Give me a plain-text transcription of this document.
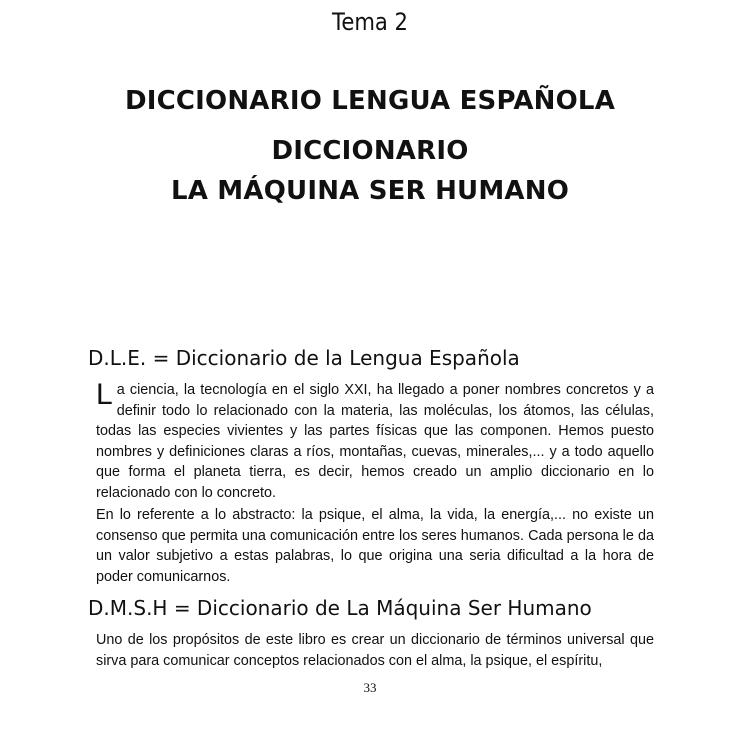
Tema 2
DICCIONARIO LENGUA ESPAÑOLA
DICCIONARIO
LA MÁQUINA SER HUMANO
D.L.E. = Diccionario de la Lengua Española

La ciencia, la tecnología en el siglo XXI, ha llegado a poner nombres concretos y a definir todo lo relacionado con la materia, las moléculas, los átomos, las células, todas las especies vivientes y las partes físicas que las componen. Hemos puesto nombres y definiciones claras a ríos, montañas, cuevas, minerales,... y a todo aquello que forma el planeta tierra, es decir, hemos creado un amplio diccionario en lo relacionado con lo concreto.

En lo referente a lo abstracto: la psique, el alma, la vida, la energía,... no existe un consenso que permita una comunicación entre los seres humanos. Cada persona le da un valor subjetivo a estas palabras, lo que origina una seria dificultad a la hora de poder comunicarnos.

D.M.S.H = Diccionario de La Máquina Ser Humano

Uno de los propósitos de este libro es crear un diccionario de términos universal que sirva para comunicar conceptos relacionados con el alma, la psique, el espíritu,

33
